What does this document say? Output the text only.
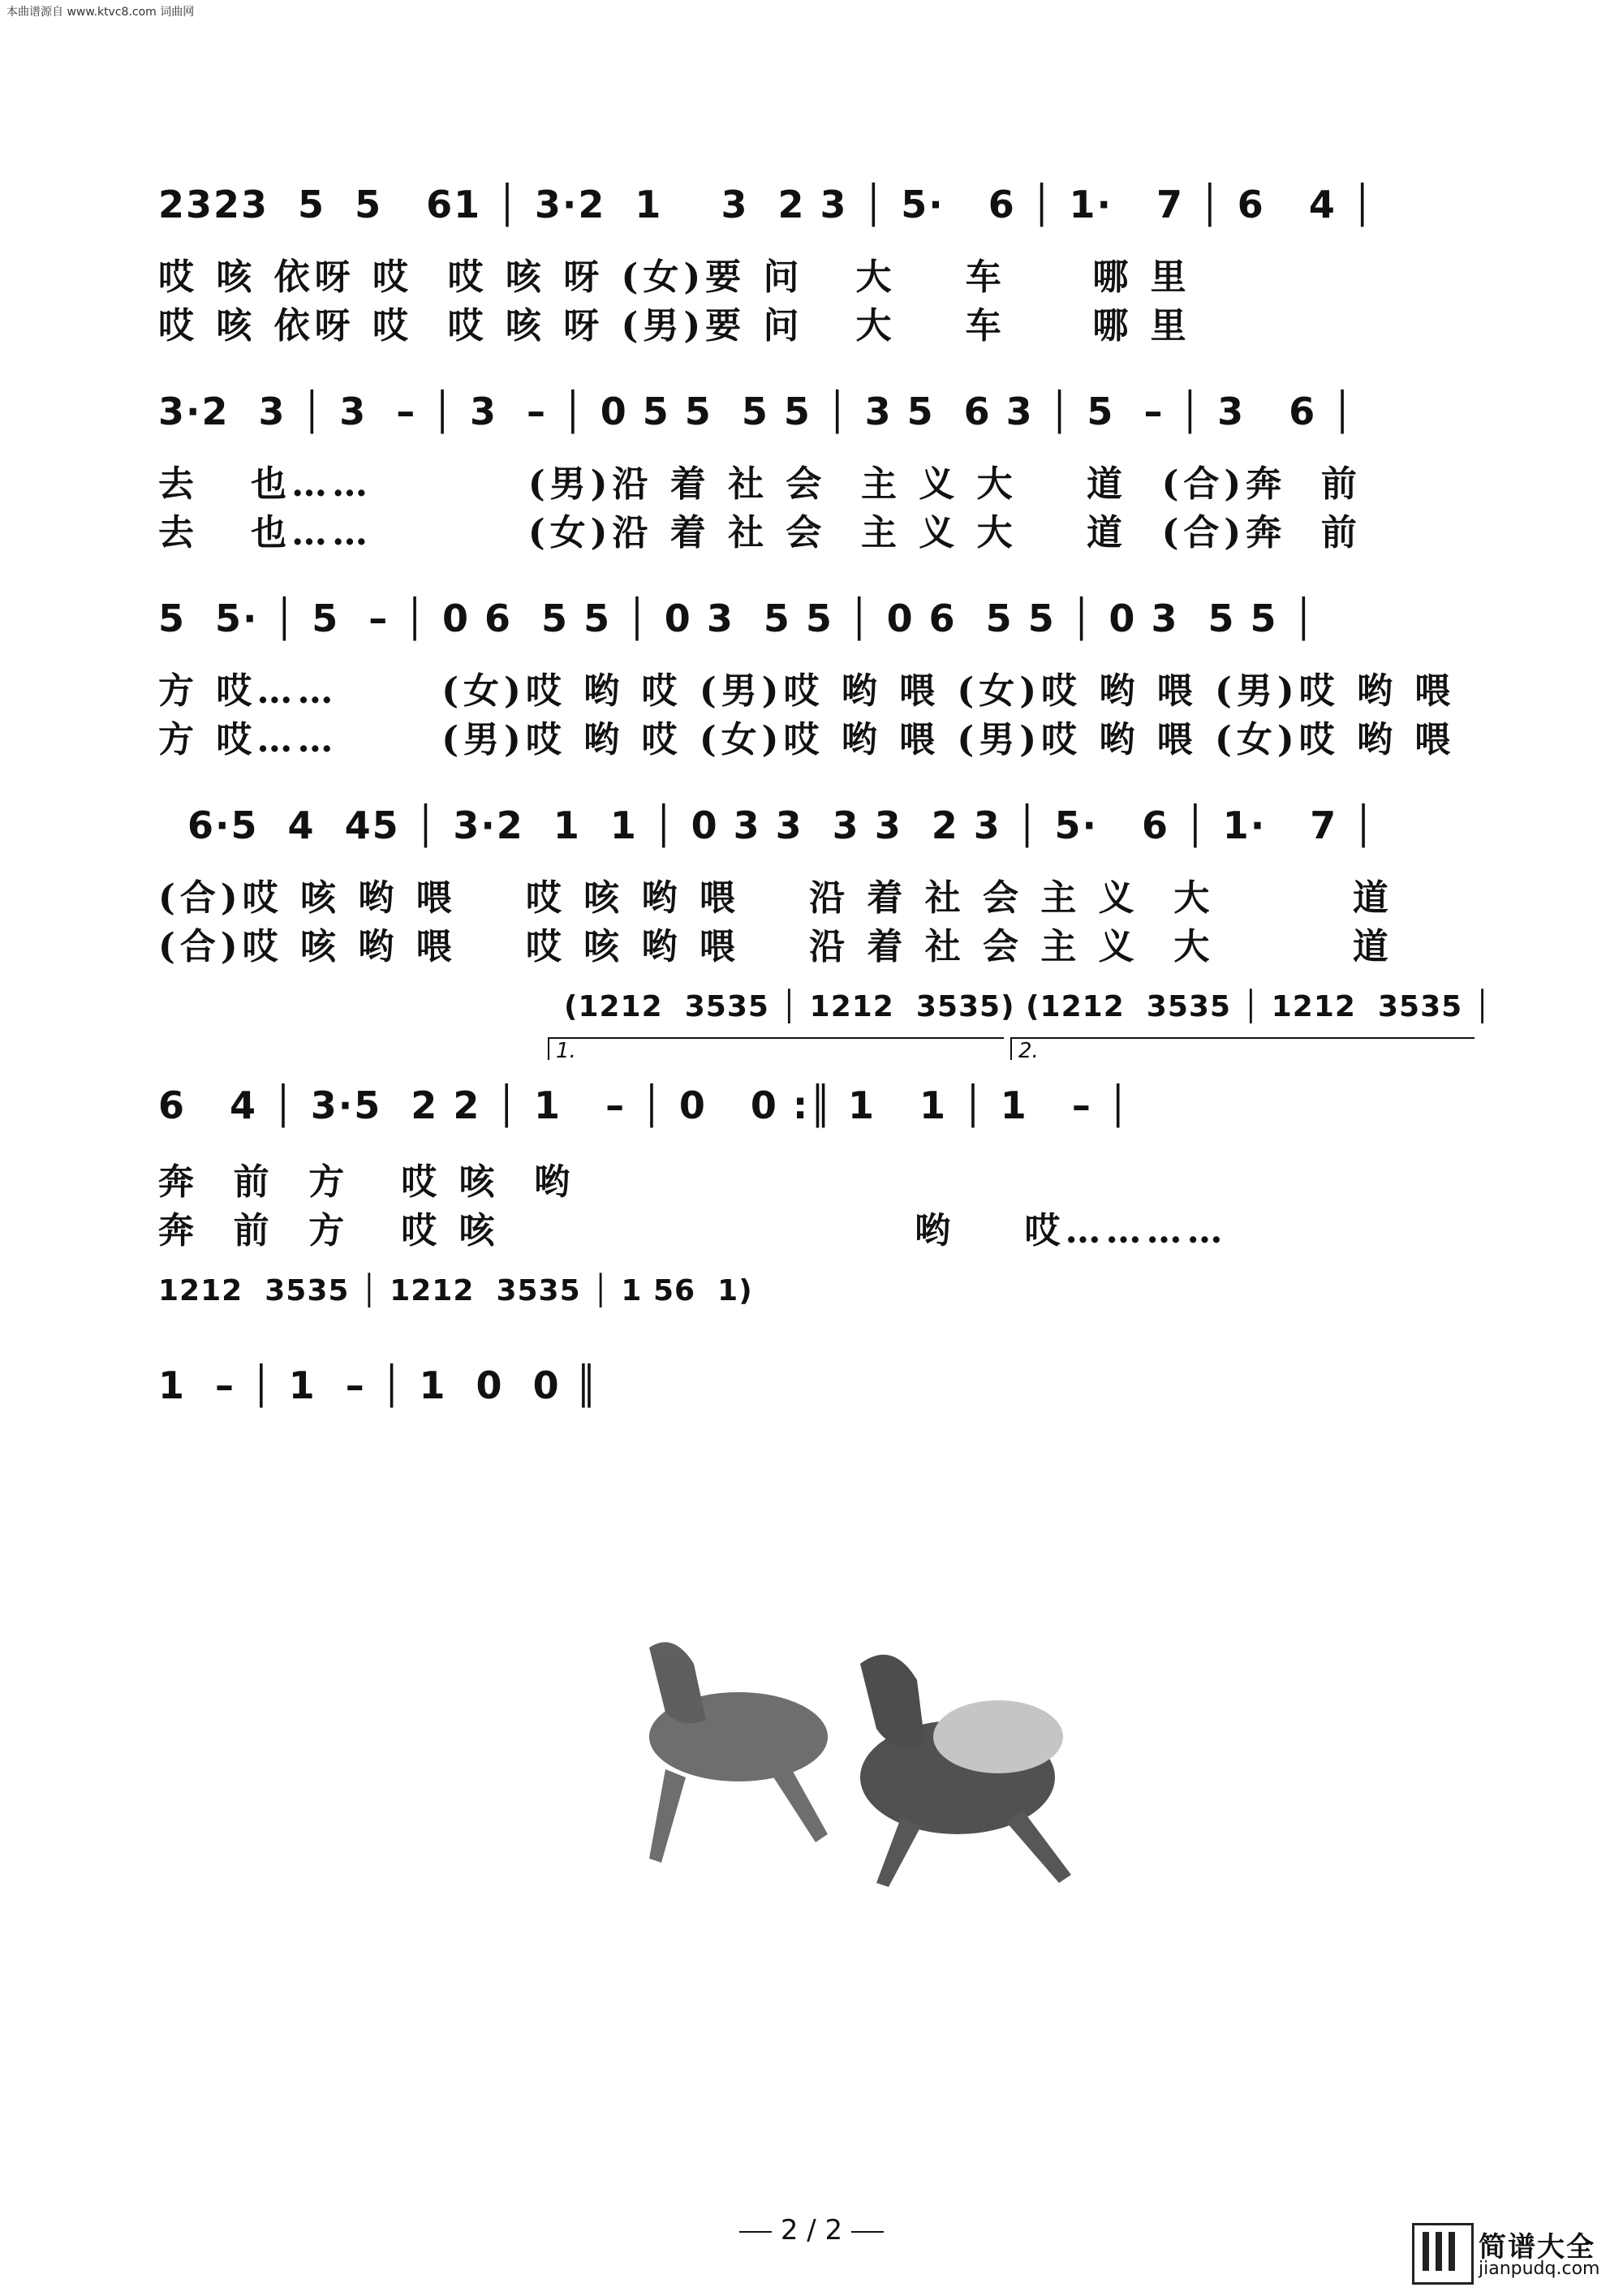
本曲谱源自 www.ktvc8.com 词曲网
2323  5  5   61 │ 3·2  1    3  2 3 │ 5·   6 │ 1·   7 │ 6   4 │
哎 咳 依呀 哎  哎 咳 呀 (女)要 问   大    车     哪 里
哎 咳 依呀 哎  哎 咳 呀 (男)要 问   大    车     哪 里
3·2  3 │ 3  – │ 3  – │ 0 5 5  5 5 │ 3 5  6 3 │ 5  – │ 3   6 │
去   也……         (男)沿 着 社 会  主 义 大    道  (合)奔  前
去   也……         (女)沿 着 社 会  主 义 大    道  (合)奔  前
5  5· │ 5  – │ 0 6  5 5 │ 0 3  5 5 │ 0 6  5 5 │ 0 3  5 5 │
方 哎……      (女)哎 哟 哎 (男)哎 哟 喂 (女)哎 哟 喂 (男)哎 哟 喂
方 哎……      (男)哎 哟 哎 (女)哎 哟 喂 (男)哎 哟 喂 (女)哎 哟 喂
6·5  4  45 │ 3·2  1  1 │ 0 3 3  3 3  2 3 │ 5·   6 │ 1·   7 │
(合)哎 咳 哟 喂    哎 咳 哟 喂    沿 着 社 会 主 义  大        道
(合)哎 咳 哟 喂    哎 咳 哟 喂    沿 着 社 会 主 义  大        道
(1212  3535 │ 1212  3535) (1212  3535 │ 1212  3535 │
1.	2.
6   4 │ 3·5  2 2 │ 1   – │ 0   0 :║ 1   1 │ 1   – │
奔  前  方   哎 咳  哟
奔  前  方   哎 咳                        哟    哎…………
1212  3535 │ 1212  3535 │ 1 56  1)
1  – │ 1  – │ 1  0  0 ║
2 / 2
简谱大全
jianpudq.com
